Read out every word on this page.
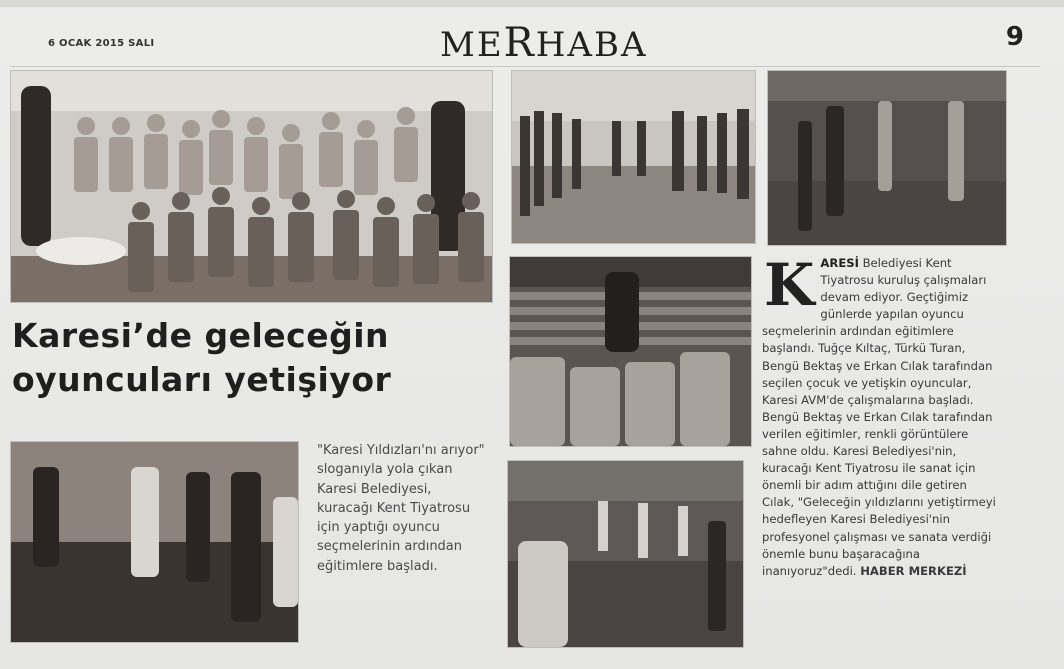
6 OCAK 2015 SALI	MERHABA	9
Karesi’de geleceğin
oyuncuları yetişiyor

"Karesi Yıldızları'nı arıyor" sloganıyla yola çıkan Karesi Belediyesi, kuracağı Kent Tiyatrosu için yaptığı oyuncu seçmelerinin ardından eğitimlere başladı.

K ARESİ Belediyesi Kent Tiyatrosu kuruluş çalışmaları devam ediyor. Geçtiğimiz günlerde yapılan oyuncu seçmelerinin ardından eğitimlere başlandı. Tuğçe Kıltaç, Türkü Turan, Bengü Bektaş ve Erkan Cılak tarafından seçilen çocuk ve yetişkin oyuncular, Karesi AVM'de çalışmalarına başladı. Bengü Bektaş ve Erkan Cılak tarafından verilen eğitimler, renkli görüntülere sahne oldu. Karesi Belediyesi'nin, kuracağı Kent Tiyatrosu ile sanat için önemli bir adım attığını dile getiren Cılak, "Geleceğin yıldızlarını yetiştirmeyi hedefleyen Karesi Belediyesi'nin profesyonel çalışması ve sanata verdiği önemle bunu başaracağına inanıyoruz"dedi. HABER MERKEZİ
